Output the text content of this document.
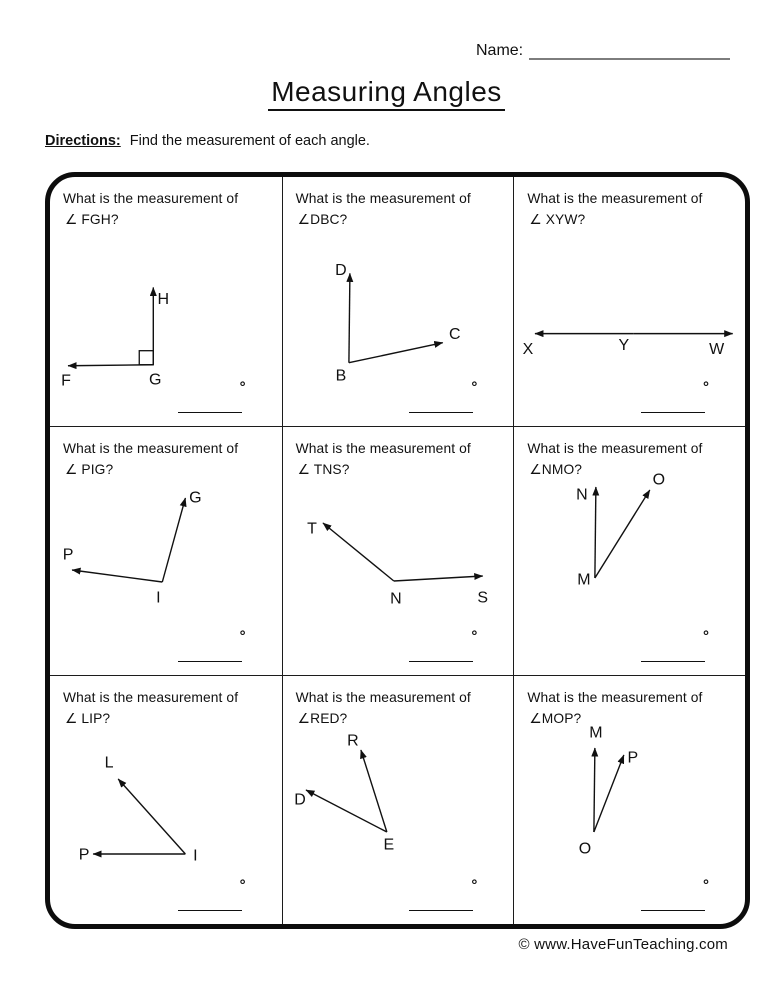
Name:
Measuring Angles
Directions: Find the measurement of each angle.
What is the measurement of
∠ FGH?
H
F	G	°
What is the measurement of
∠DBC?
D
C
B
°
What is the measurement of
∠ XYW?
X	Y	W
°
What is the measurement of
∠ PIG?
G
P
I
°
What is the measurement of
∠ TNS?
T
S
N
°
What is the measurement of
∠NMO?
N
O
M
°
What is the measurement of
∠ LIP?
L
P	I
°
What is the measurement of
∠RED?
R
D
E
°
What is the measurement of
∠MOP?
M
P
O
°
© www.HaveFunTeaching.com
